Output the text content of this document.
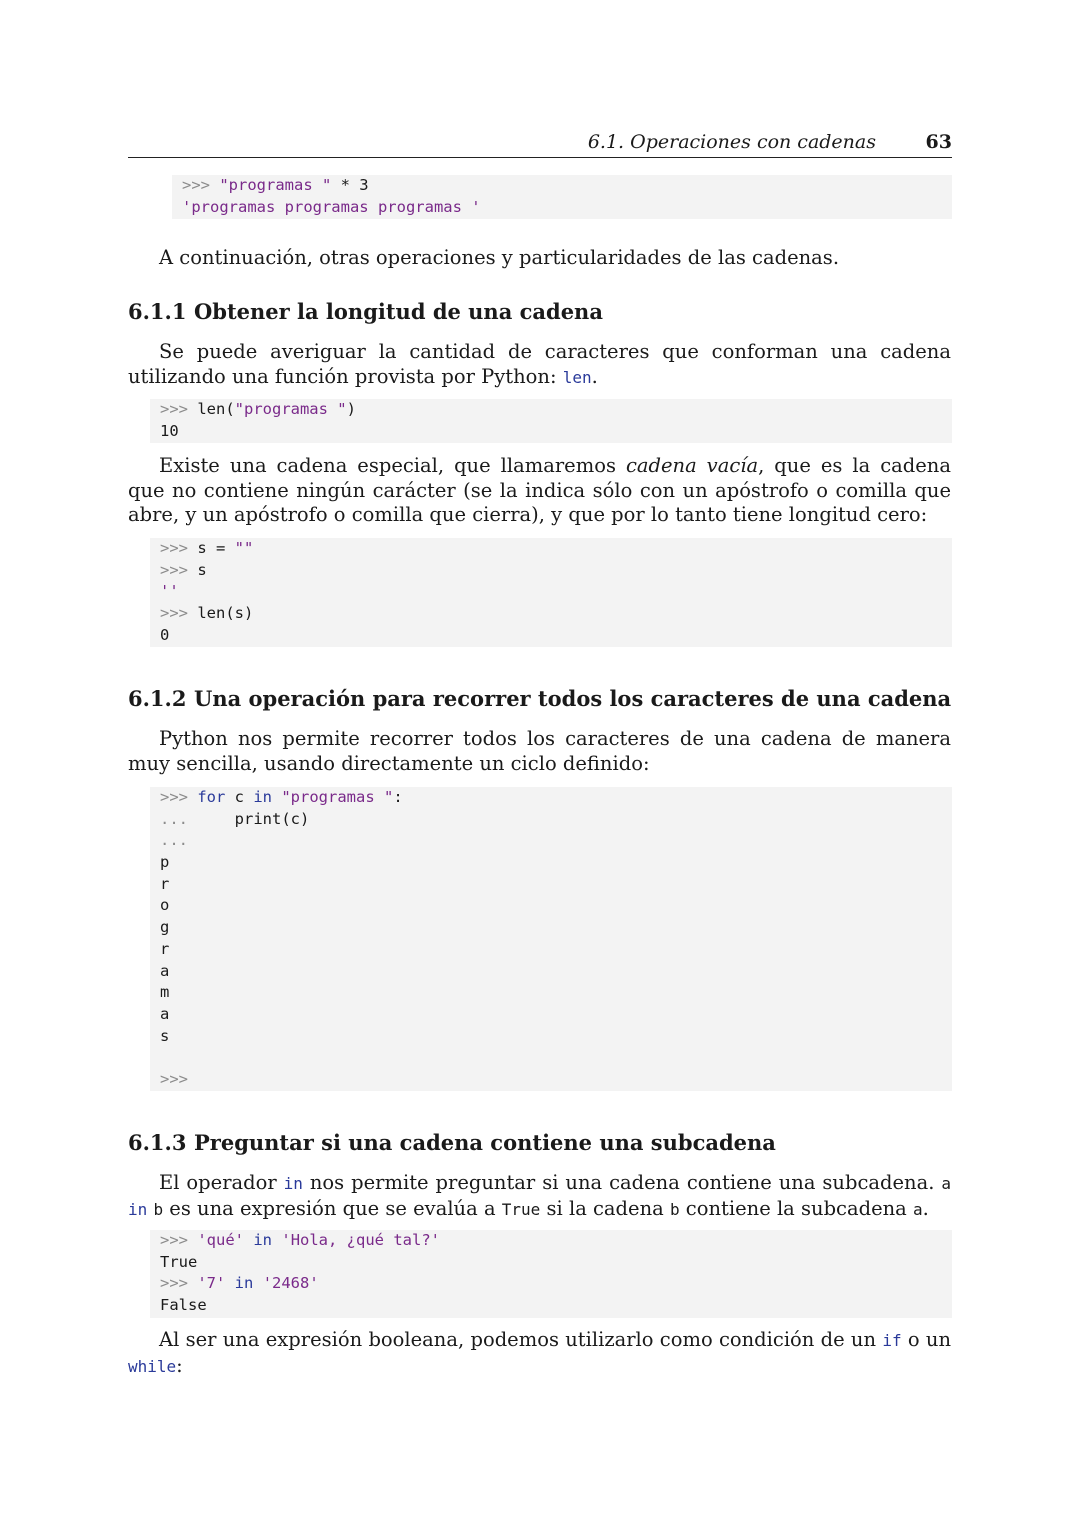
6.1. Operaciones con cadenas	63
>>> "programas " * 3
'programas programas programas '

A continuación, otras operaciones y particularidades de las cadenas.

6.1.1 Obtener la longitud de una cadena

Se puede averiguar la cantidad de caracteres que conforman una cadena utilizando una función provista por Python: len.

>>> len("programas ")
10

Existe una cadena especial, que llamaremos cadena vacía, que es la cadena que no contiene ningún carácter (se la indica sólo con un apóstrofo o comilla que abre, y un apóstrofo o comilla que cierra), y que por lo tanto tiene longitud cero:

>>> s = ""
>>> s
''
>>> len(s)
0
6.1.2 Una operación para recorrer todos los caracteres de una cadena

Python nos permite recorrer todos los caracteres de una cadena de manera muy sencilla, usando directamente un ciclo definido:

>>> for c in "programas ":
...     print(c)
...
p
r
o
g
r
a
m
a
s
>>>
6.1.3 Preguntar si una cadena contiene una subcadena

El operador in nos permite preguntar si una cadena contiene una subcadena. a in b es una expresión que se evalúa a True si la cadena b contiene la subcadena a.

>>> 'qué' in 'Hola, ¿qué tal?'
True
>>> '7' in '2468'
False

Al ser una expresión booleana, podemos utilizarlo como condición de un if o un while:
